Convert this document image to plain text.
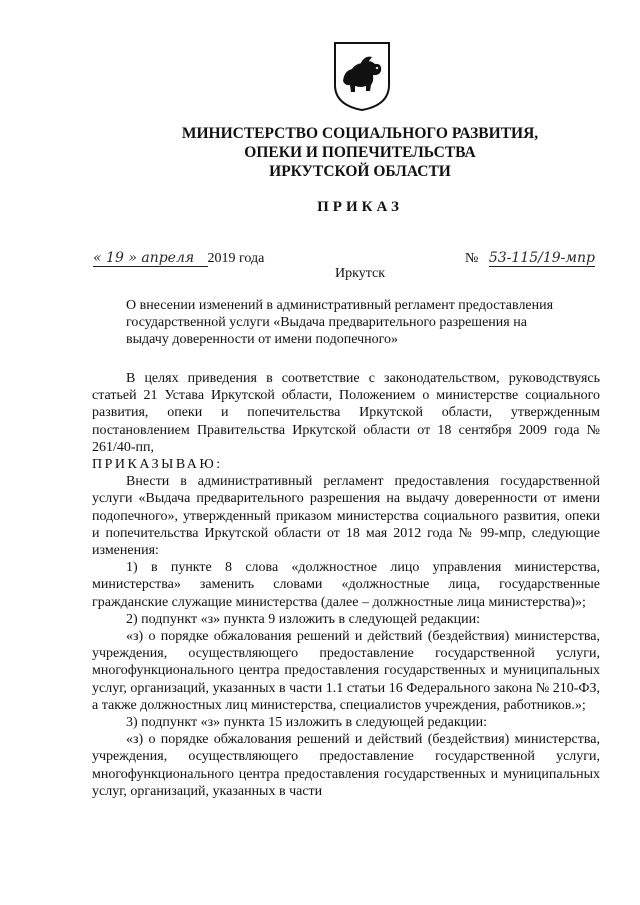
МИНИСТЕРСТВО СОЦИАЛЬНОГО РАЗВИТИЯ,
ОПЕКИ И ПОПЕЧИТЕЛЬСТВА
ИРКУТСКОЙ ОБЛАСТИ
ПРИКАЗ
« 19 » апреля 2019 года	№ 53-115/19-мпр
Иркутск
О внесении изменений в административный регламент предоставления
государственной услуги «Выдача предварительного разрешения на
выдачу доверенности от имени подопечного»

В целях приведения в соответствие с законодательством, руководствуясь статьей 21 Устава Иркутской области, Положением о министерстве социального развития, опеки и попечительства Иркутской области, утвержденным постановлением Правительства Иркутской области от 18 сентября 2009 года № 261/40-пп,

ПРИКАЗЫВАЮ:

Внести в административный регламент предоставления государственной услуги «Выдача предварительного разрешения на выдачу доверенности от имени подопечного», утвержденный приказом министерства социального развития, опеки и попечительства Иркутской области от 18 мая 2012 года № 99-мпр, следующие изменения:

1) в пункте 8 слова «должностное лицо управления министерства, министерства» заменить словами «должностные лица, государственные гражданские служащие министерства (далее – должностные лица министерства)»;

2) подпункт «з» пункта 9 изложить в следующей редакции:

«з) о порядке обжалования решений и действий (бездействия) министерства, учреждения, осуществляющего предоставление государственной услуги, многофункционального центра предоставления государственных и муниципальных услуг, организаций, указанных в части 1.1 статьи 16 Федерального закона № 210-ФЗ, а также должностных лиц министерства, специалистов учреждения, работников.»;

3) подпункт «з» пункта 15 изложить в следующей редакции:

«з) о порядке обжалования решений и действий (бездействия) министерства, учреждения, осуществляющего предоставление государственной услуги, многофункционального центра предоставления государственных и муниципальных услуг, организаций, указанных в части
